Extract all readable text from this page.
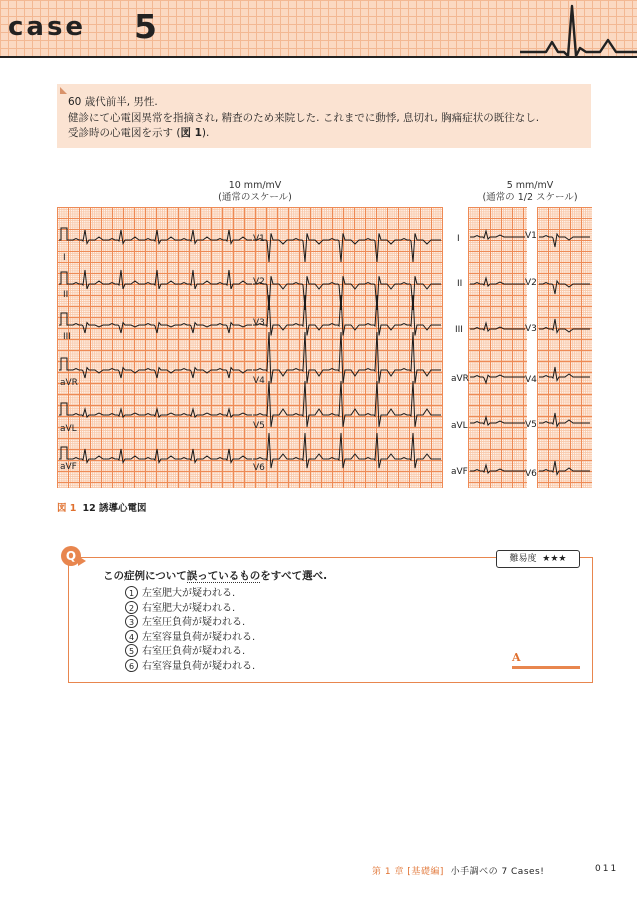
case 5
60 歳代前半, 男性.
健診にて心電図異常を指摘され, 精査のため来院した. これまでに動悸, 息切れ, 胸痛症状の既往なし.
受診時の心電図を示す (図 1).
10 mm/mV
(通常のスケール)
5 mm/mV
(通常の 1/2 スケール)
I
II
III
aVR
aVL
aVF
V1
V2
V3
V4
V5
V6
I
II
III
aVR
aVL
aVF
V1
V2
V3
V4
V5
V6
図 1 12 誘導心電図
Q	難易度 ★★★
この症例について誤っているものをすべて選べ.
1 左室肥大が疑われる.
2 右室肥大が疑われる.
3 左室圧負荷が疑われる.
4 左室容量負荷が疑われる.
5 右室圧負荷が疑われる.
6 右室容量負荷が疑われる.
A
第 1 章 [基礎編] 小手調べの 7 Cases!	011
